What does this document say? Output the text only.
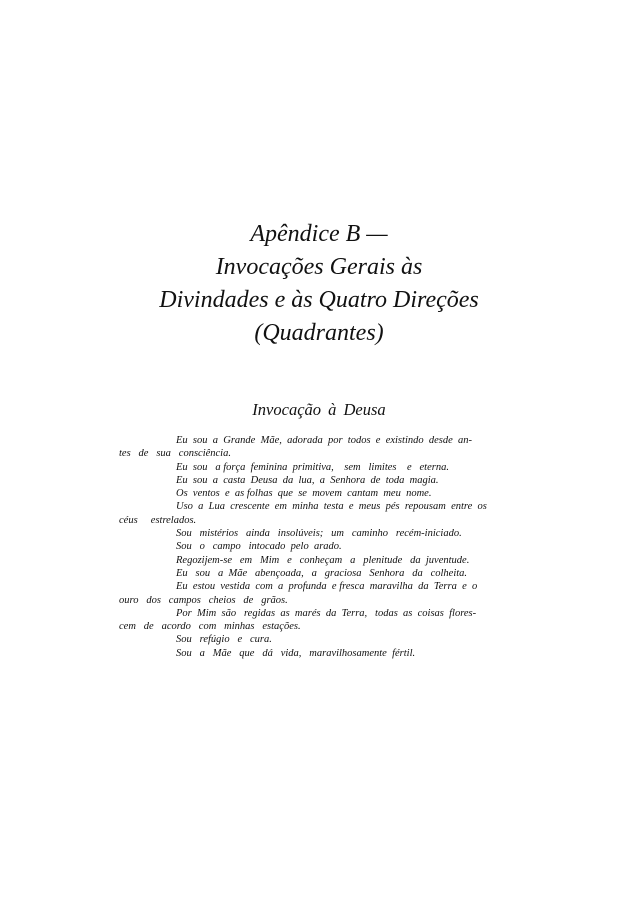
Apêndice B —
Invocações Gerais às
Divindades e às Quatro Direções
(Quadrantes)
Invocação à Deusa
Eu  sou  a  Grande  Mãe,  adorada  por  todos  e  existindo  desde  an-
tes   de   sua   consciência.
Eu  sou   a força  feminina  primitiva,    sem   limites    e   eterna.
Eu  sou  a  casta  Deusa  da  lua,  a  Senhora  de  toda  magia.
Os  ventos  e  as folhas  que  se  movem  cantam  meu  nome.
Uso  a  Lua  crescente  em  minha  testa  e  meus  pés  repousam  entre  os
céus     estrelados.
Sou   mistérios   ainda   insolúveis;   um   caminho   recém-iniciado.
Sou   o   campo   intocado  pelo  arado.
Regozijem-se   em   Mim   e   conheçam   a   plenitude   da  juventude.
Eu   sou   a  Mãe   abençoada,   a   graciosa   Senhora   da   colheita.
Eu  estou  vestida  com  a  profunda  e fresca  maravilha  da  Terra  e  o
ouro   dos   campos   cheios   de   grãos.
Por  Mim  são   regidas  as  marés  da  Terra,   todas  as  coisas  flores-
cem   de   acordo   com   minhas   estações.
Sou   refúgio   e   cura.
Sou   a   Mãe   que   dá   vida,   maravilhosamente  fértil.
